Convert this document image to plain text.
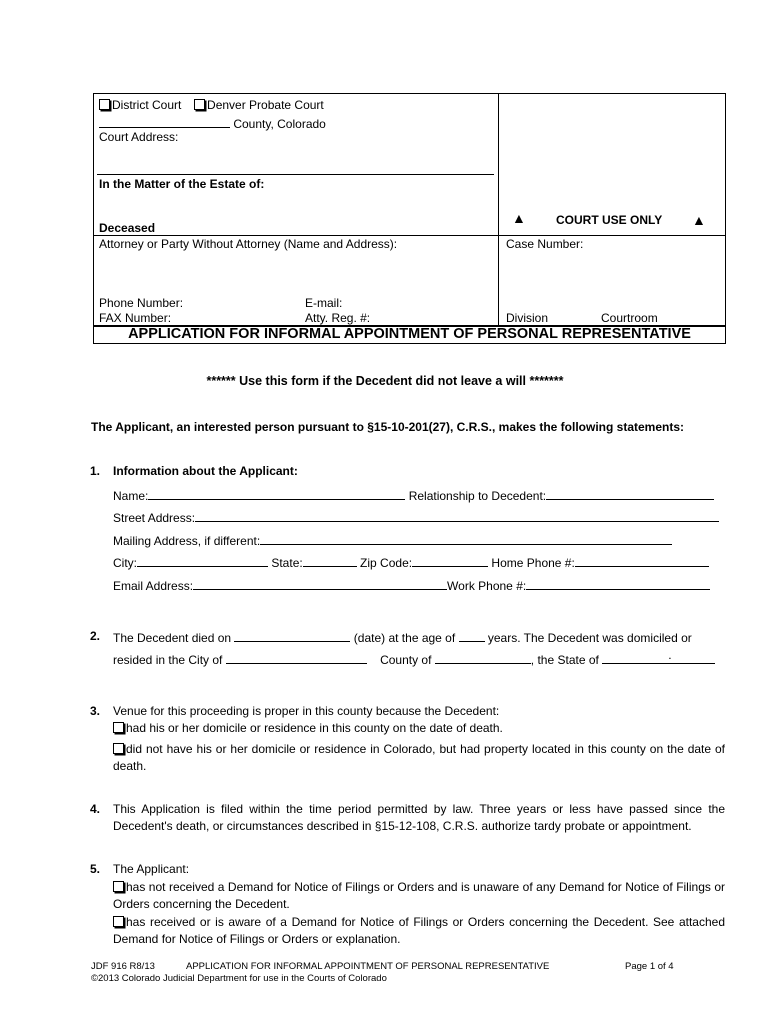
District Court Denver Probate Court
County, Colorado
Court Address:
In the Matter of the Estate of:
Deceased
Attorney or Party Without Attorney (Name and Address):
Phone Number:	E-mail:
FAX Number:	Atty. Reg. #:
▲	COURT USE ONLY ▲
Case Number:
Division	Courtroom
APPLICATION FOR INFORMAL APPOINTMENT OF PERSONAL REPRESENTATIVE
****** Use this form if the Decedent did not leave a will *******
The Applicant, an interested person pursuant to §15-10-201(27), C.R.S., makes the following statements:
1. Information about the Applicant:
Name:	Relationship to Decedent:
Street Address:
Mailing Address, if different:
City:	State:	Zip Code:	Home Phone #:
Email Address:	Work Phone #:
2. The Decedent died on	(date) at the age of	years. The Decedent was domiciled or
resided in the City of	County of	, the State of	.
3. Venue for this proceeding is proper in this county because the Decedent:
had his or her domicile or residence in this county on the date of death.
did not have his or her domicile or residence in Colorado, but had property located in this county on the date of death.
4. This Application is filed within the time period permitted by law. Three years or less have passed since the Decedent's death, or circumstances described in §15-12-108, C.R.S. authorize tardy probate or appointment.
5. The Applicant:
has not received a Demand for Notice of Filings or Orders and is unaware of any Demand for Notice of Filings or Orders concerning the Decedent.
has received or is aware of a Demand for Notice of Filings or Orders concerning the Decedent. See attached Demand for Notice of Filings or Orders or explanation.
JDF 916 R8/13	APPLICATION FOR INFORMAL APPOINTMENT OF PERSONAL REPRESENTATIVE	Page 1 of 4
©2013 Colorado Judicial Department for use in the Courts of Colorado
